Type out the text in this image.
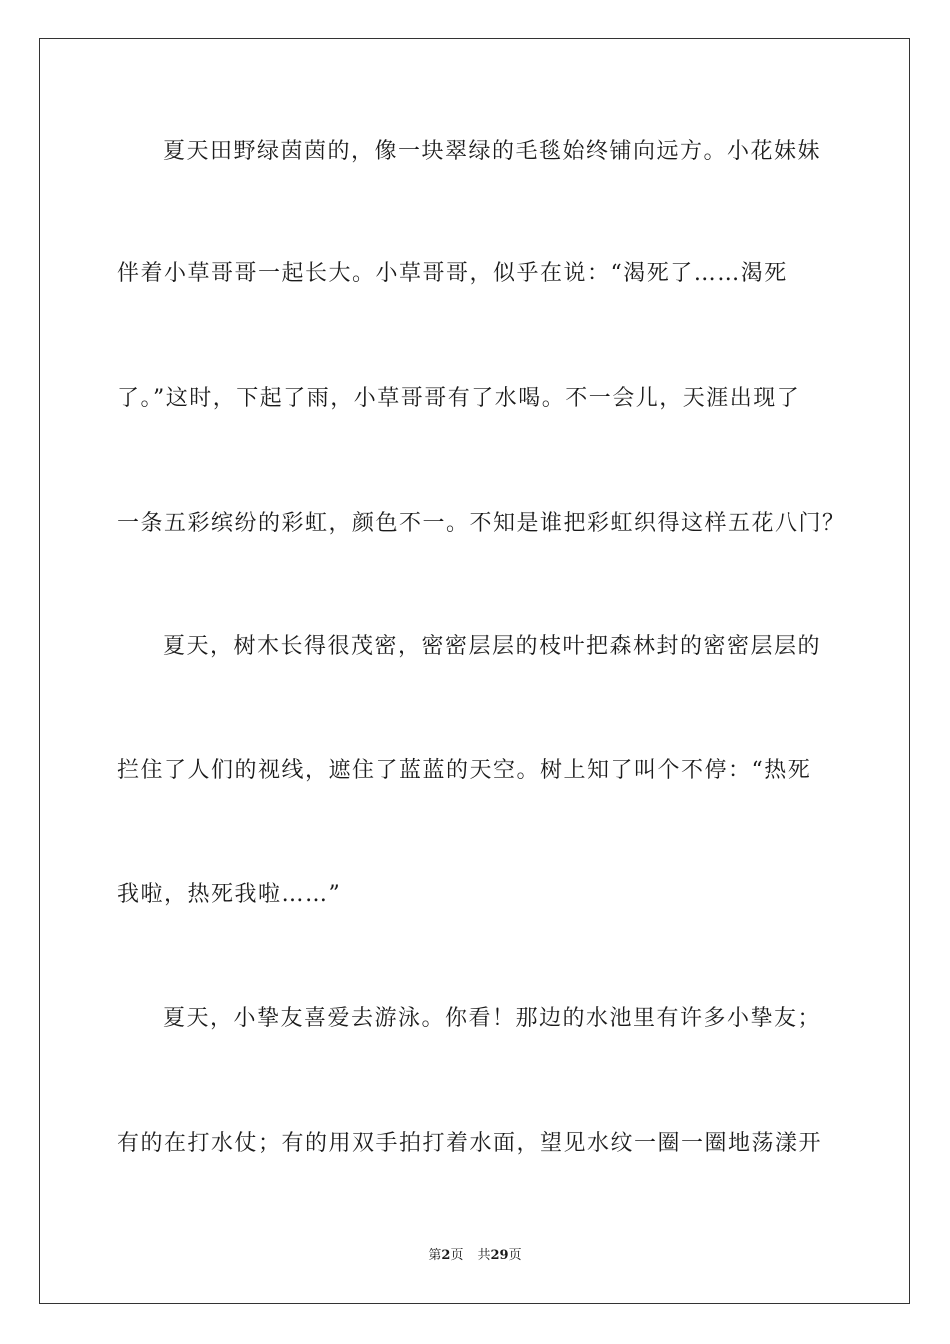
夏天田野绿茵茵的，像一块翠绿的毛毯始终铺向远方。小花妹妹
伴着小草哥哥一起长大。小草哥哥，似乎在说：“渴死了……渴死
了。”这时，下起了雨，小草哥哥有了水喝。不一会儿，天涯出现了
一条五彩缤纷的彩虹，颜色不一。不知是谁把彩虹织得这样五花八门？
夏天，树木长得很茂密，密密层层的枝叶把森林封的密密层层的
拦住了人们的视线，遮住了蓝蓝的天空。树上知了叫个不停：“热死
我啦，热死我啦……”
夏天，小挚友喜爱去游泳。你看！那边的水池里有许多小挚友；
有的在打水仗；有的用双手拍打着水面，望见水纹一圈一圈地荡漾开
第2页 共29页
